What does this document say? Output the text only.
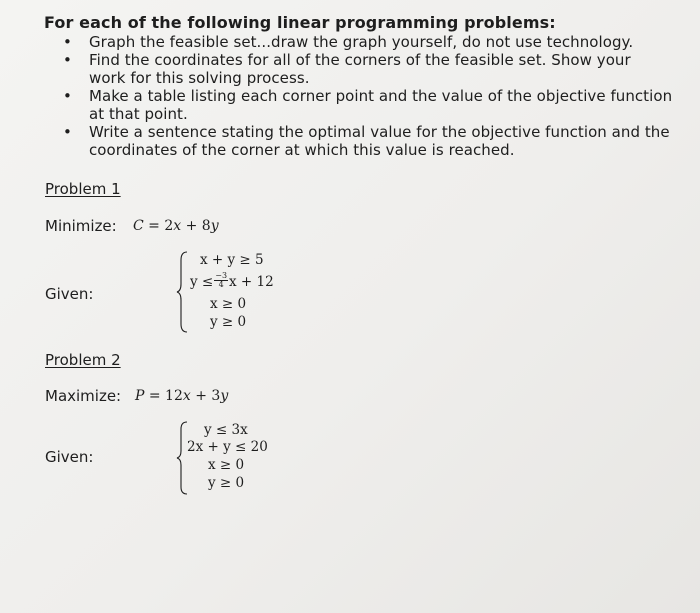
For each of the following linear programming problems:
• Graph the feasible set...draw the graph yourself, do not use technology.
• Find the coordinates for all of the corners of the feasible set. Show your
work for this solving process.
• Make a table listing each corner point and the value of the objective function
at that point.
• Write a sentence stating the optimal value for the objective function and the
coordinates of the corner at which this value is reached.
Problem 1
Minimize: C = 2x + 8y
Given:
x + y ≥ 5
$y \le \frac{-3}{4}$ x + 12
x ≥ 0
y ≥ 0
Problem 2
Maximize: P = 12x + 3y
Given:
y ≤ 3x
2x + y ≤ 20
x ≥ 0
y ≥ 0
